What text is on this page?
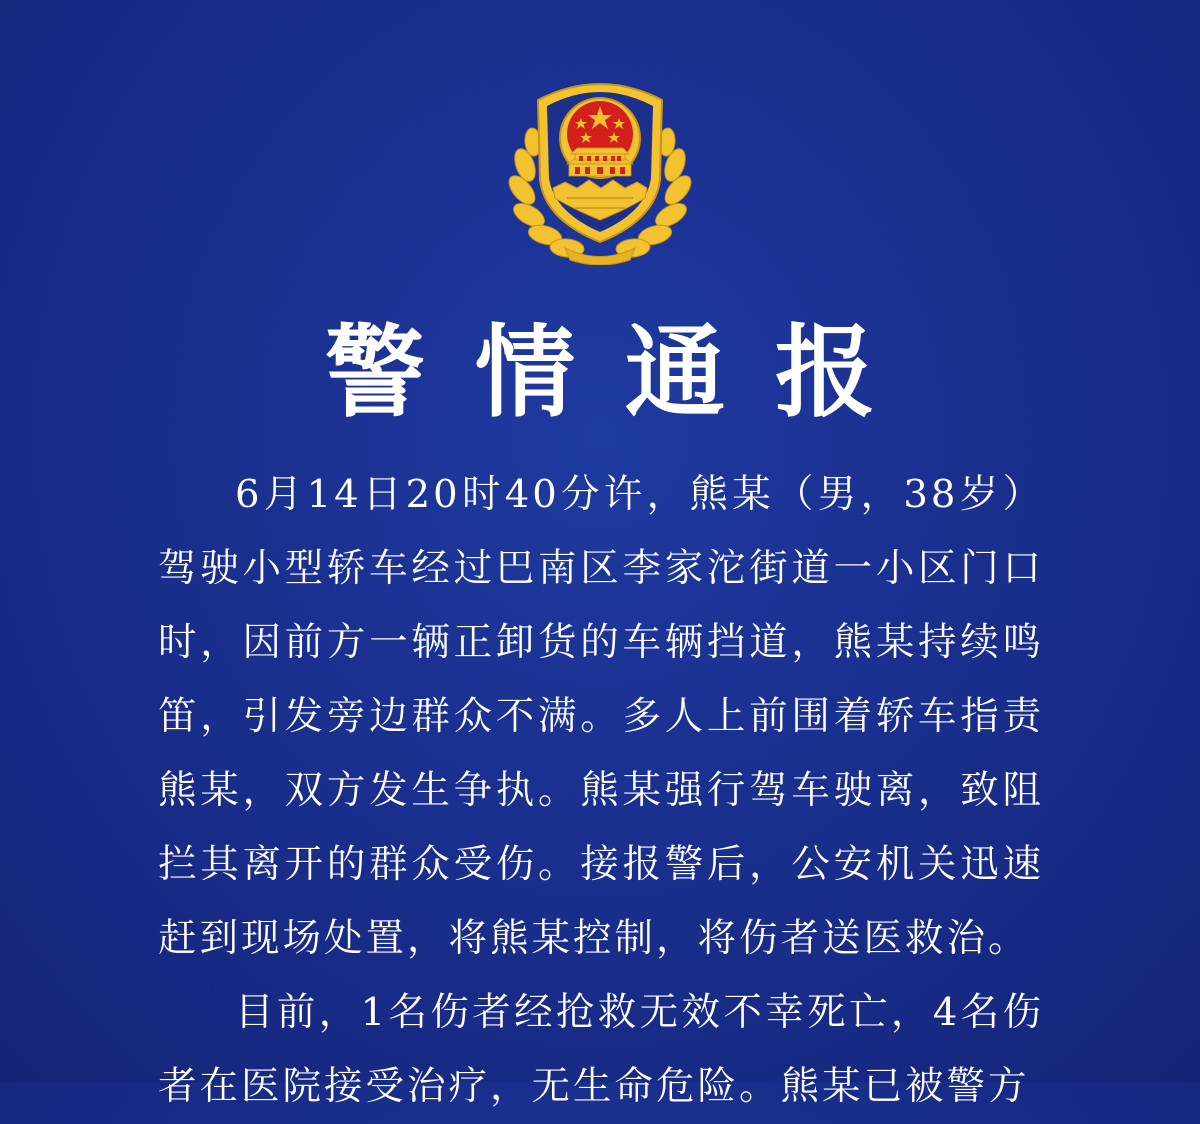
警情通报

6月14日20时40分许，熊某（男，38岁）驾驶小型轿车经过巴南区李家沱街道一小区门口时，因前方一辆正卸货的车辆挡道，熊某持续鸣笛，引发旁边群众不满。多人上前围着轿车指责熊某，双方发生争执。熊某强行驾车驶离，致阻拦其离开的群众受伤。接报警后，公安机关迅速赶到现场处置，将熊某控制，将伤者送医救治。

目前，1名伤者经抢救无效不幸死亡，4名伤者在医院接受治疗，无生命危险。熊某已被警方
